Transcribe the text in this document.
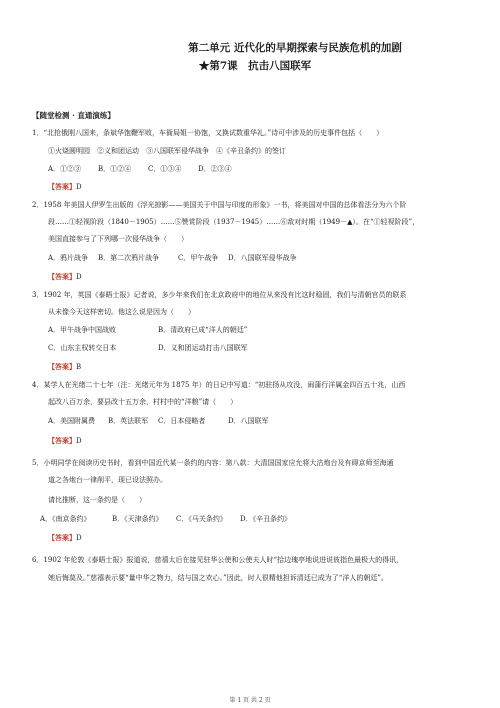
第二单元 近代化的早期探索与民族危机的加剧
★第7课　抗击八国联军
【随堂检测 · 直通演练】
1．“北抢俄刚八国来，条斌华饱鞭军败，车衙局姐一协饱，又换试数重华礼。”诗可中涉及的历史事件包括（　　）
①火烧圆明园　②义和团运动　③八国联军侵华战争　④《辛丑条约》的签订
A．①②③ B．①②④ C．①③④ D．②③④
【答案】D
2．1958 年美国人伊罗生出版的《浮光掠影——美国关于中国与印度的形象》一书，将美国对中国的总体看法分为六个阶
段……①轻视阶段（1840－1905）……⑤赞赏阶段（1937－1945）……⑥敌对时期（1949－▲）。在“①轻视阶段”，
美国直接参与了下列哪一次侵华战争（　　）
A．鸦片战争 B．第二次鸦片战争	C．甲午战争 D．八国联军侵华战争
【答案】D
3．1902 年，英国《泰晤士报》记者说，多少年来我们在北京政府中的地位从来没有比这时稳固，我们与清朝官员的联系
从未像今天这样密切。他这么说是因为（　　）
A．甲午战争中国战败	B．清政府已成“洋人的朝廷”
C．山东主权转交日本	D．义和团运动打击八国联军
【答案】B
4．某学人在光绪二十七年（注：光绪元年为 1875 年）的日记中写道：“初驻扬从攻没，闹蒲行洋属金四百五十兆，山西
起改八百万余，要县改十五万余，村村中的“洋粮”请（　　）
A．美国附属费 B．英法联军 C．日本侵略者	D．八国联军
【答案】D
5．小明同学在阅读历史书时，看到中国近代某一条约的内容：第八款：大清国国家应允将大沽炮台及有碍京师至海通
道之各炮台一律削平，现已设法照办。
请比推断，这一条约是（　　）
A．《南京条约》	B．《天津条约》 C．《马关条约》 D．《辛丑条约》
【答案】D
6．1902 年伦敦《泰晤士报》报道说，慈禧太后在接见驻华公使和公使夫人时“拾边瑰亭地说进说彼指色最极大的得讯，
她后悔莫及。”慈禧表示要“量中华之物力，结与国之欢心。”因此，时人很精他担诉清廷已成为了“洋人的朝廷”。
第 1 页 共 2 页
